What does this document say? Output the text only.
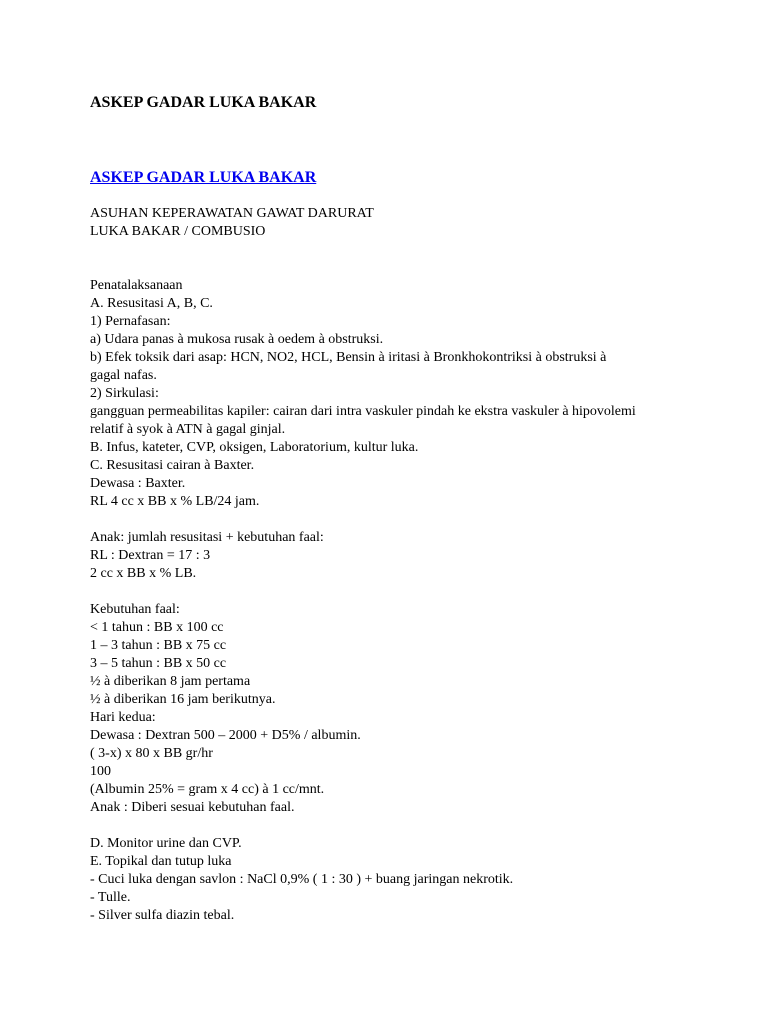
ASKEP GADAR LUKA BAKAR
ASKEP GADAR LUKA BAKAR
ASUHAN KEPERAWATAN GAWAT DARURAT
LUKA BAKAR / COMBUSIO
Penatalaksanaan
A. Resusitasi A, B, C.
1) Pernafasan:
a) Udara panas à mukosa rusak à oedem à obstruksi.
b) Efek toksik dari asap: HCN, NO2, HCL, Bensin à iritasi à Bronkhokontriksi à obstruksi à
gagal nafas.
2) Sirkulasi:
gangguan permeabilitas kapiler: cairan dari intra vaskuler pindah ke ekstra vaskuler à hipovolemi
relatif à syok à ATN à gagal ginjal.
B. Infus, kateter, CVP, oksigen, Laboratorium, kultur luka.
C. Resusitasi cairan à Baxter.
Dewasa : Baxter.
RL 4 cc x BB x % LB/24 jam.
Anak: jumlah resusitasi + kebutuhan faal:
RL : Dextran = 17 : 3
2 cc x BB x % LB.
Kebutuhan faal:
< 1 tahun : BB x 100 cc
1 – 3 tahun : BB x 75 cc
3 – 5 tahun : BB x 50 cc
½ à diberikan 8 jam pertama
½ à diberikan 16 jam berikutnya.
Hari kedua:
Dewasa : Dextran 500 – 2000 + D5% / albumin.
( 3-x) x 80 x BB gr/hr
100
(Albumin 25% = gram x 4 cc) à 1 cc/mnt.
Anak : Diberi sesuai kebutuhan faal.
D. Monitor urine dan CVP.
E. Topikal dan tutup luka
- Cuci luka dengan savlon : NaCl 0,9% ( 1 : 30 ) + buang jaringan nekrotik.
- Tulle.
- Silver sulfa diazin tebal.
